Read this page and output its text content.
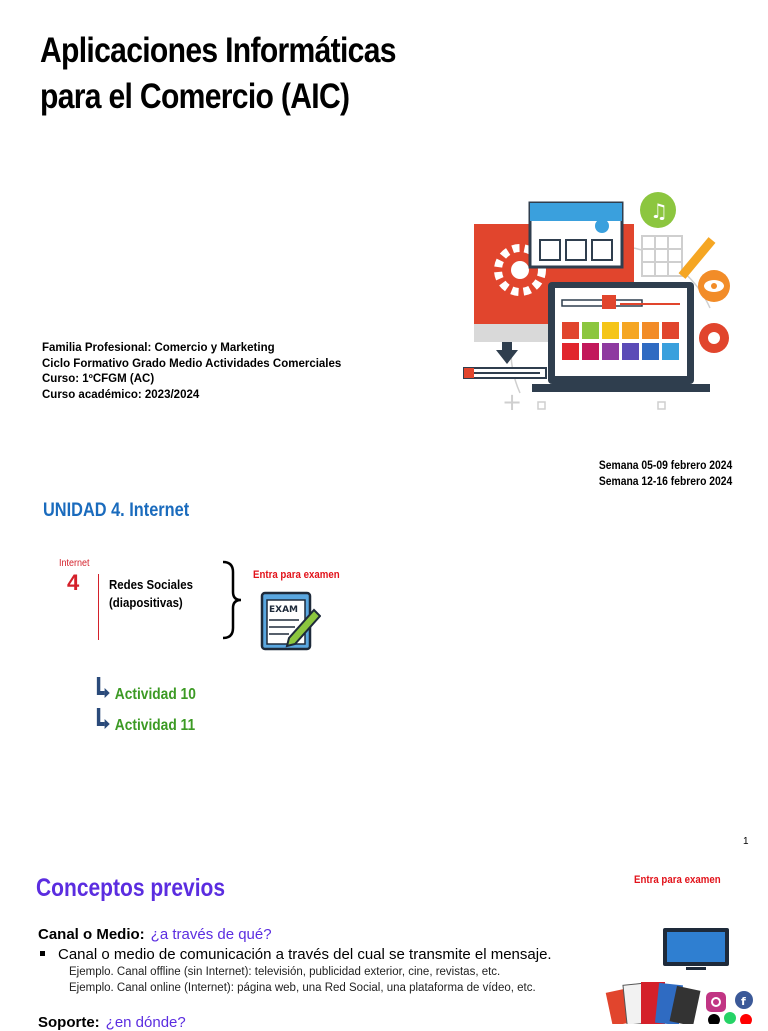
Aplicaciones Informáticas
para el Comercio (AIC)
♫
+
Familia Profesional: Comercio y Marketing
Ciclo Formativo Grado Medio Actividades Comerciales
Curso: 1ºCFGM (AC)
Curso académico: 2023/2024
Semana 05-09 febrero 2024
Semana 12-16 febrero 2024
UNIDAD 4. Internet
Internet
4 Redes Sociales
(diapositivas)
Entra para examen
EXAM
Actividad 10
Actividad 11
1
Conceptos previos	Entra para examen
Canal o Medio: ¿a través de qué?
Canal o medio de comunicación a través del cual se transmite el mensaje.
Ejemplo. Canal offline (sin Internet): televisión, publicidad exterior, cine, revistas, etc.
Ejemplo. Canal online (Internet): página web, una Red Social, una plataforma de vídeo, etc.
f
Soporte: ¿en dónde?
